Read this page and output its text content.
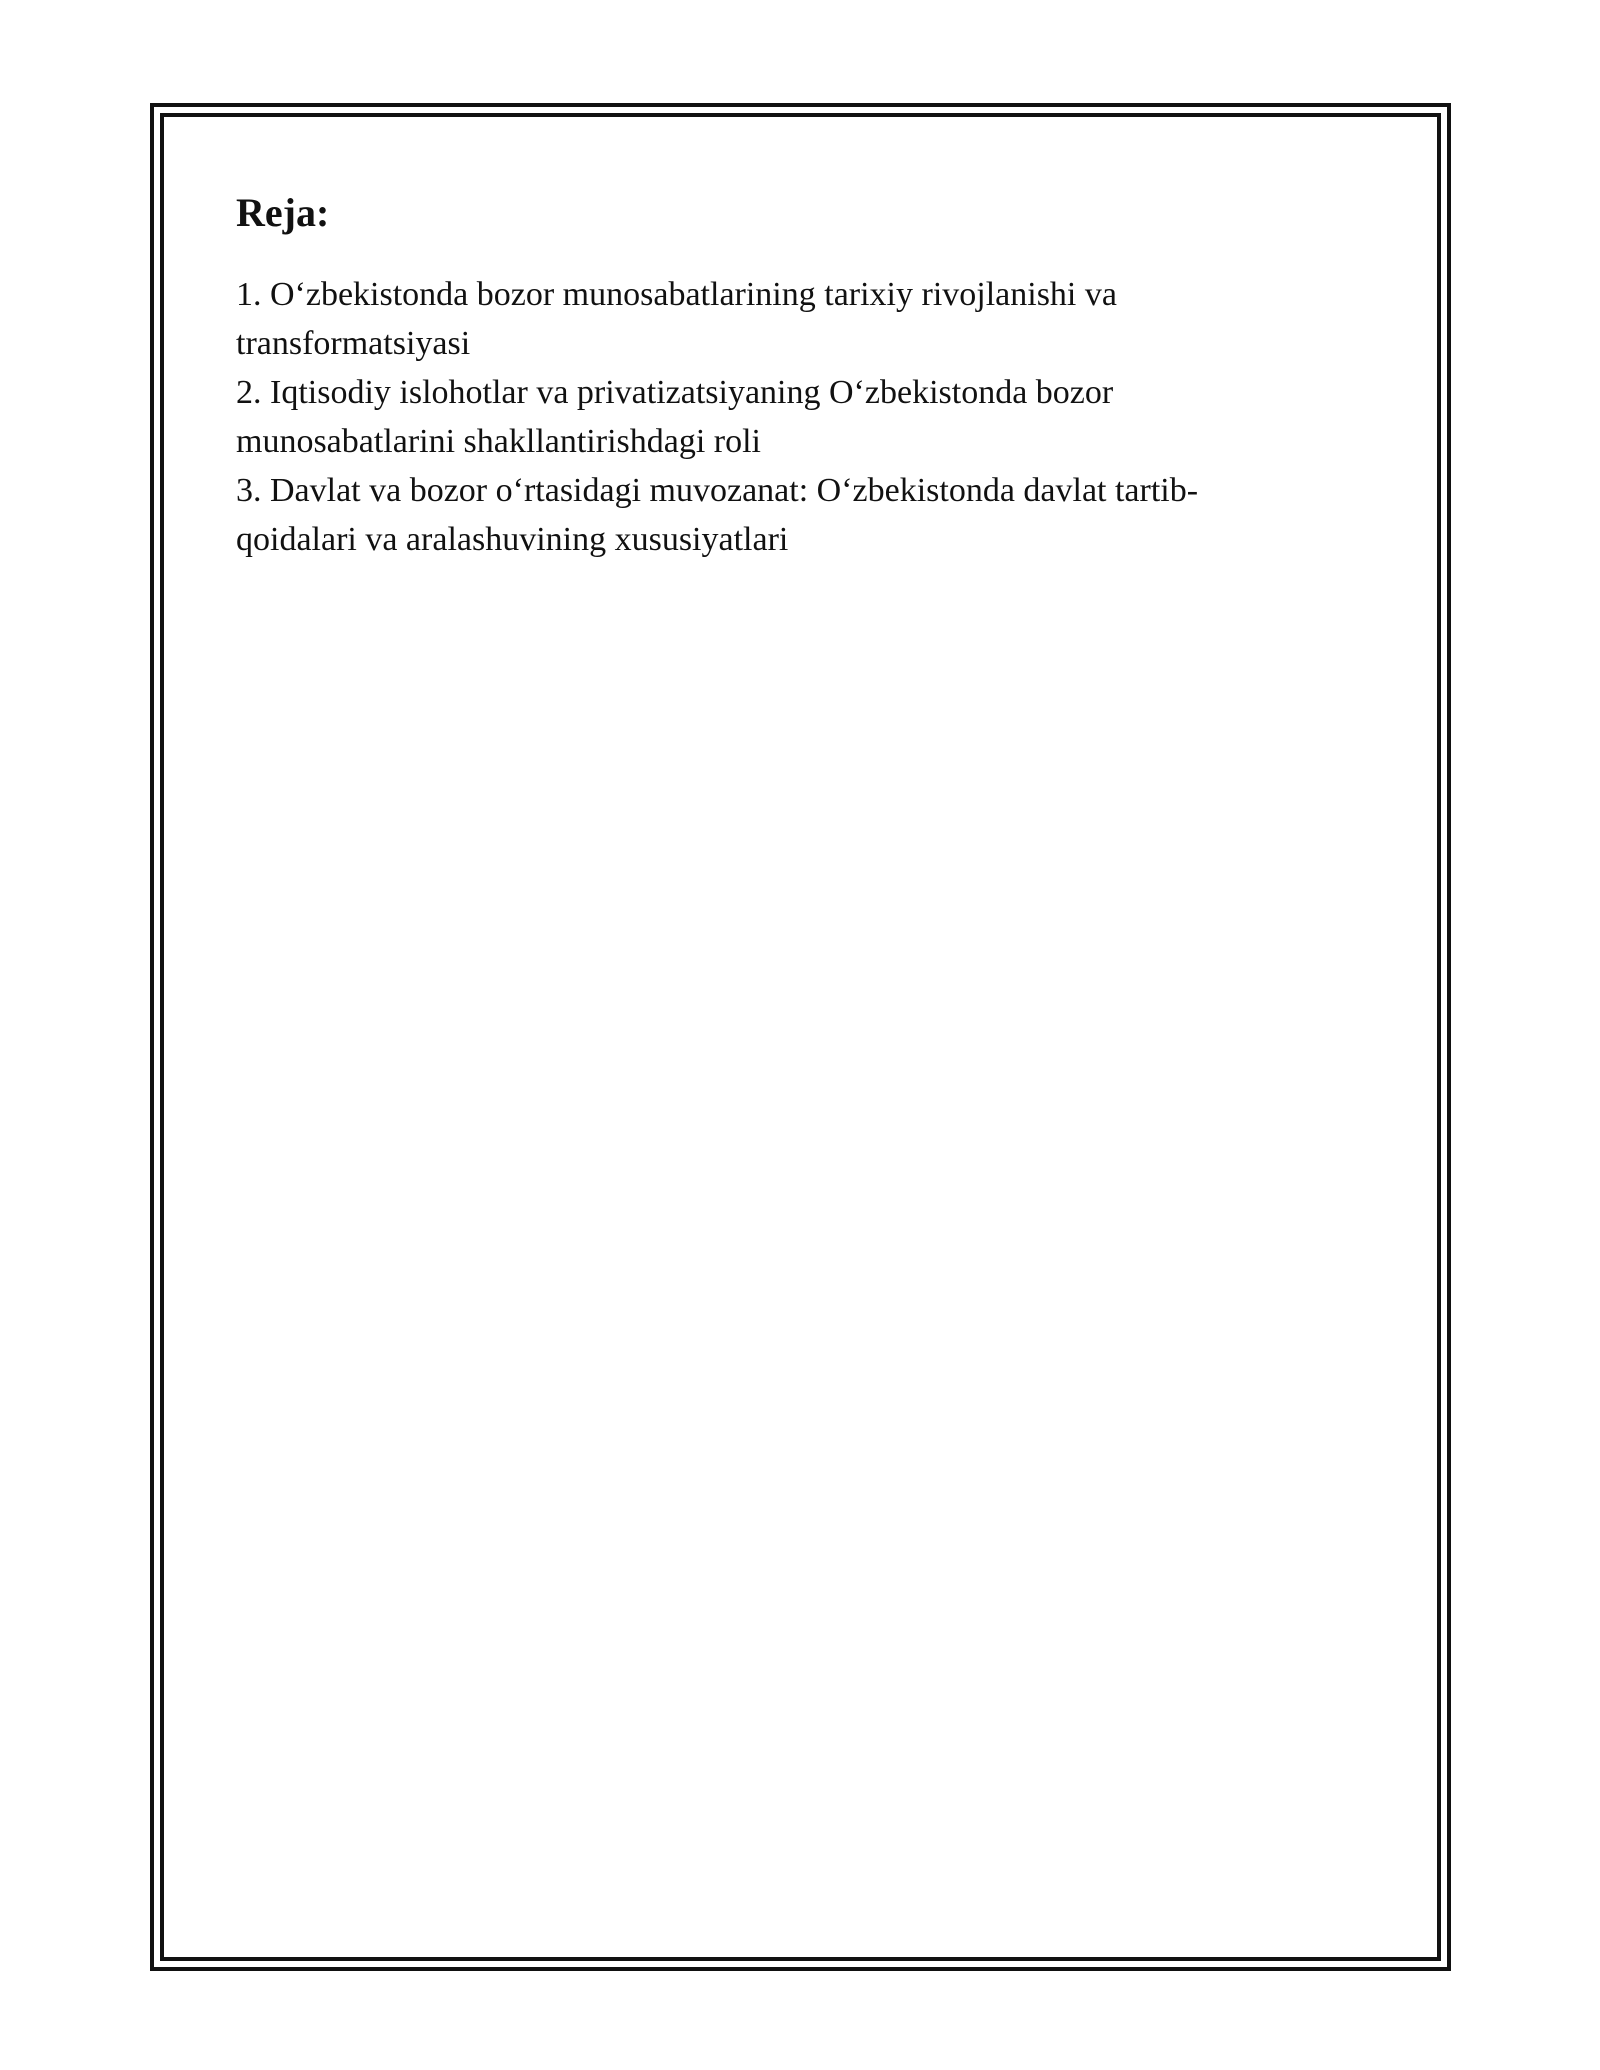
Reja:
1. O‘zbekistonda bozor munosabatlarining tarixiy rivojlanishi va transformatsiyasi
2. Iqtisodiy islohotlar va privatizatsiyaning O‘zbekistonda bozor munosabatlarini shakllantirishdagi roli
3. Davlat va bozor o‘rtasidagi muvozanat: O‘zbekistonda davlat tartib-qoidalari va aralashuvining xususiyatlari
